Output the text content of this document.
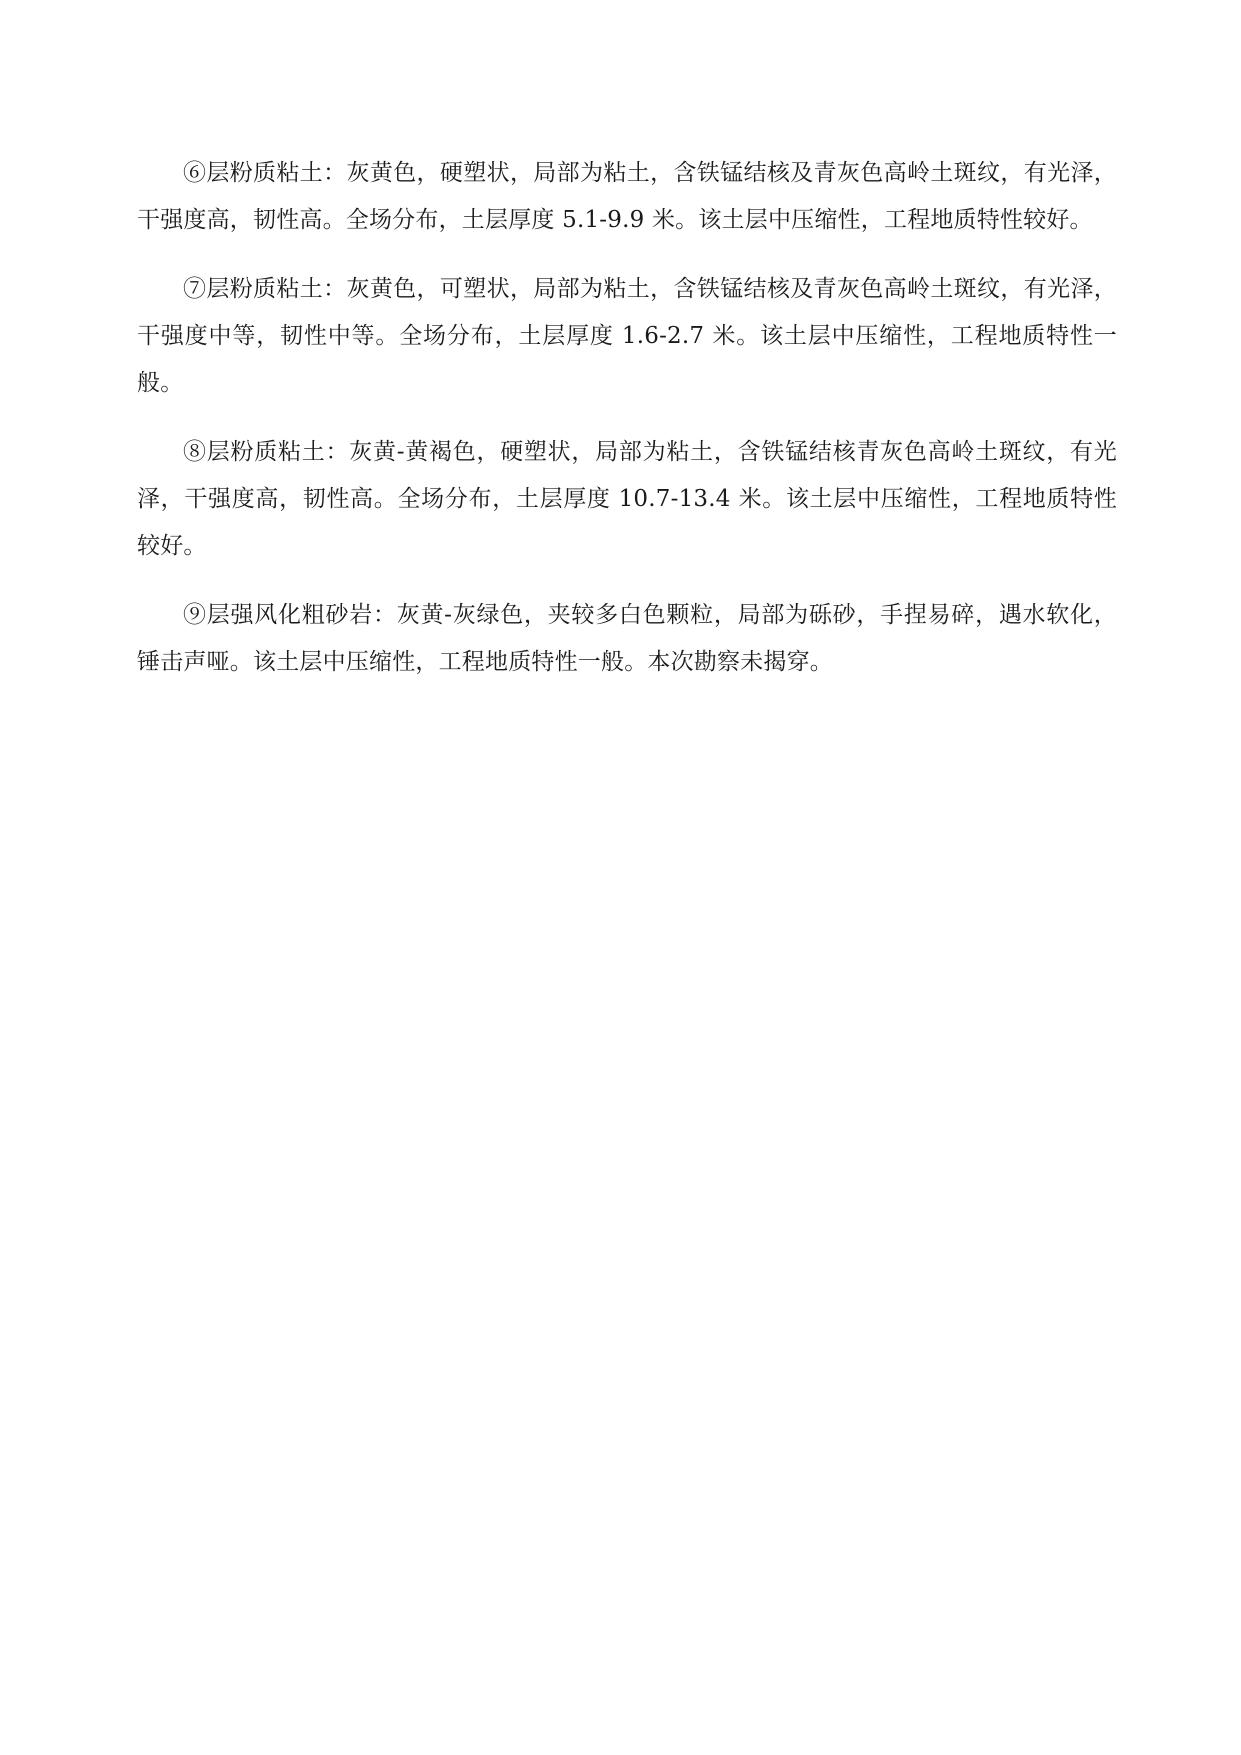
⑥层粉质粘土：灰黄色，硬塑状，局部为粘土，含铁锰结核及青灰色高岭土斑纹，有光泽，干强度高，韧性高。全场分布，土层厚度 5.1-9.9 米。该土层中压缩性，工程地质特性较好。

⑦层粉质粘土：灰黄色，可塑状，局部为粘土，含铁锰结核及青灰色高岭土斑纹，有光泽，干强度中等，韧性中等。全场分布，土层厚度 1.6-2.7 米。该土层中压缩性，工程地质特性一般。

⑧层粉质粘土：灰黄-黄褐色，硬塑状，局部为粘土，含铁锰结核青灰色高岭土斑纹，有光泽，干强度高，韧性高。全场分布，土层厚度 10.7-13.4 米。该土层中压缩性，工程地质特性较好。

⑨层强风化粗砂岩：灰黄-灰绿色，夹较多白色颗粒，局部为砾砂，手捏易碎，遇水软化，锤击声哑。该土层中压缩性，工程地质特性一般。本次勘察未揭穿。
